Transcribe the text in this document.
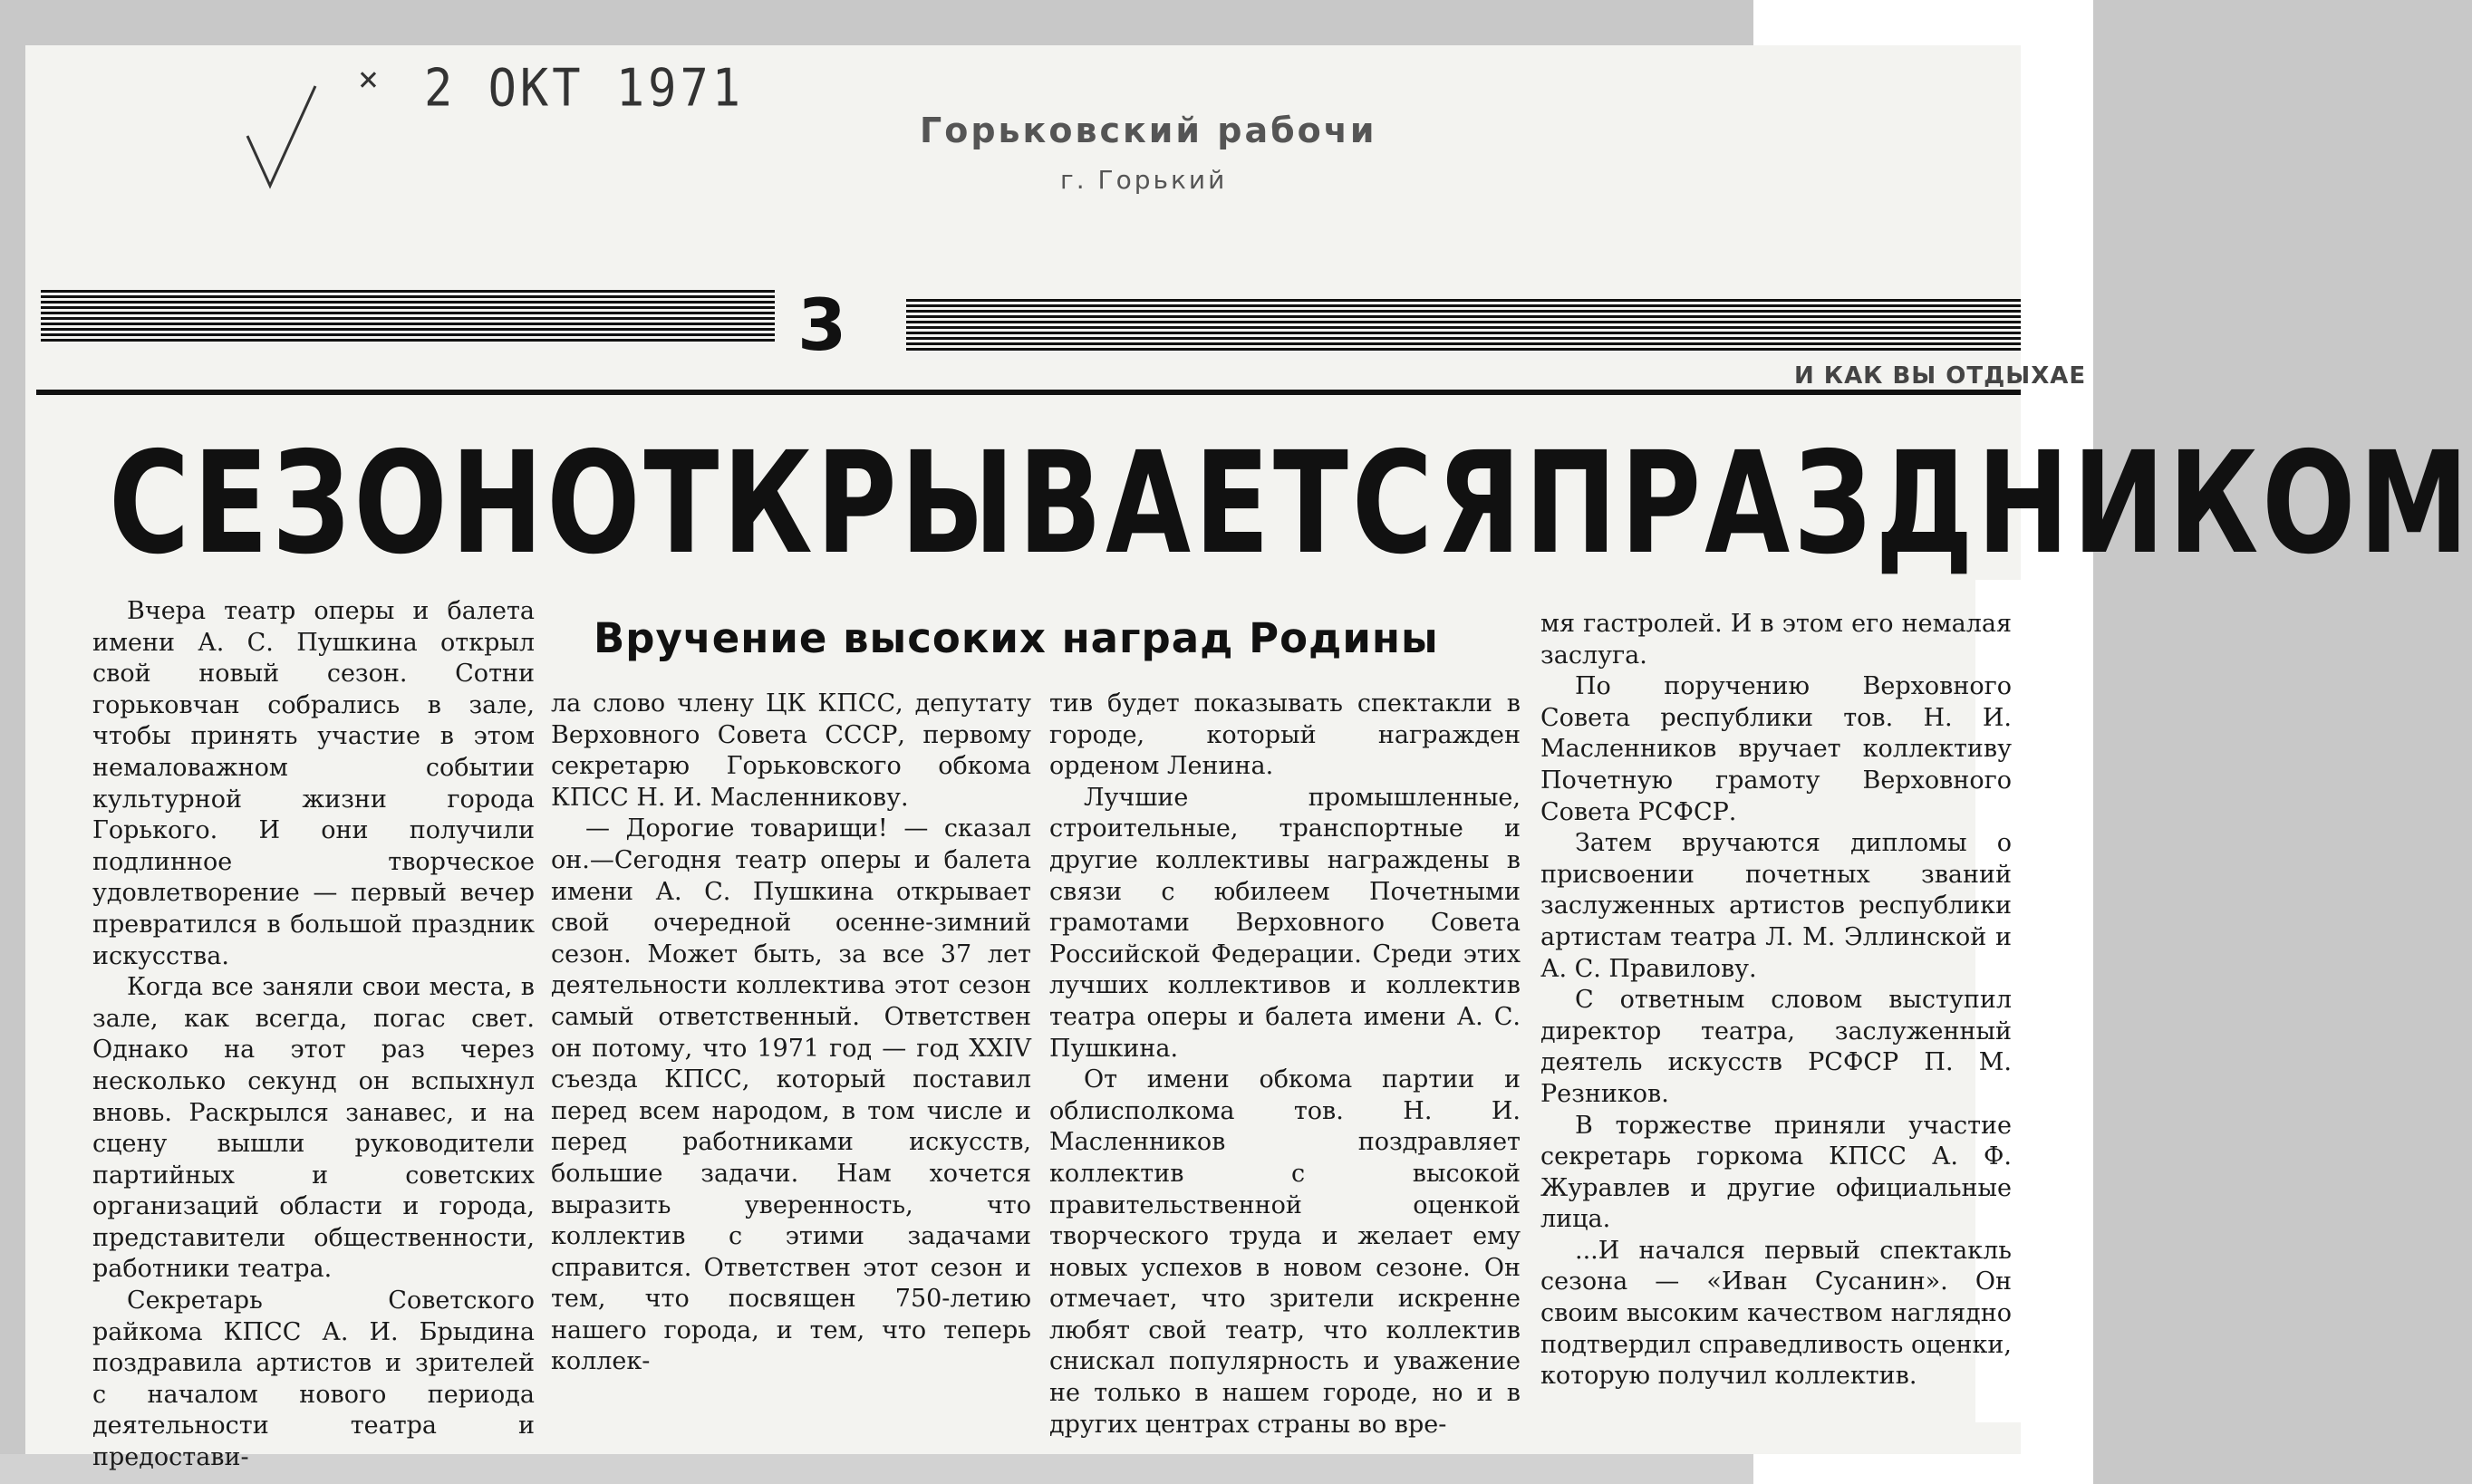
× 2 OKT 1971
Горьковский рабочи
г. Горький
3
И КАК ВЫ ОТДЫХАЕ
СЕЗОН ОТКРЫВАЕТСЯ ПРАЗДНИКОМ
Вручение высоких наград Родины

Вчера театр оперы и балета имени А. С. Пушкина открыл свой новый сезон. Сотни горьковчан собрались в зале, чтобы принять участие в этом немаловажном событии культурной жизни города Горького. И они получили подлинное творческое удовлетворение — первый вечер превратился в большой праздник искусства.

Когда все заняли свои места, в зале, как всегда, погас свет. Однако на этот раз через несколько секунд он вспыхнул вновь. Раскрылся занавес, и на сцену вышли руководители партийных и советских организаций области и города, представители общественности, работники театра.

Секретарь Советского райкома КПСС А. И. Брыдина поздравила артистов и зрителей с началом нового периода деятельности театра и предостави-

ла слово члену ЦК КПСС, депутату Верховного Совета СССР, первому секретарю Горьковского обкома КПСС Н. И. Масленникову.

— Дорогие товарищи! — сказал он.—Сегодня театр оперы и балета имени А. С. Пушкина открывает свой очередной осенне-зимний сезон. Может быть, за все 37 лет деятельности коллектива этот сезон самый ответственный. Ответствен он потому, что 1971 год — год XXIV съезда КПСС, который поставил перед всем народом, в том числе и перед работниками искусств, большие задачи. Нам хочется выразить уверенность, что коллектив с этими задачами справится. Ответствен этот сезон и тем, что посвящен 750-летию нашего города, и тем, что теперь коллек-

тив будет показывать спектакли в городе, который награжден орденом Ленина.

Лучшие промышленные, строительные, транспортные и другие коллективы награждены в связи с юбилеем Почетными грамотами Верховного Совета Российской Федерации. Среди этих лучших коллективов и коллектив театра оперы и балета имени А. С. Пушкина.

От имени обкома партии и облисполкома тов. Н. И. Масленников поздравляет коллектив с высокой правительственной оценкой творческого труда и желает ему новых успехов в новом сезоне. Он отмечает, что зрители искренне любят свой театр, что коллектив снискал популярность и уважение не только в нашем городе, но и в других центрах страны во вре-

мя гастролей. И в этом его немалая заслуга.

По поручению Верховного Совета республики тов. Н. И. Масленников вручает коллективу Почетную грамоту Верховного Совета РСФСР.

Затем вручаются дипломы о присвоении почетных званий заслуженных артистов республики артистам театра Л. М. Эллинской и А. С. Правилову.

С ответным словом выступил директор театра, заслуженный деятель искусств РСФСР П. М. Резников.

В торжестве приняли участие секретарь горкома КПСС А. Ф. Журавлев и другие официальные лица.

...И начался первый спектакль сезона — «Иван Сусанин». Он своим высоким качеством наглядно подтвердил справедливость оценки, которую получил коллектив.
